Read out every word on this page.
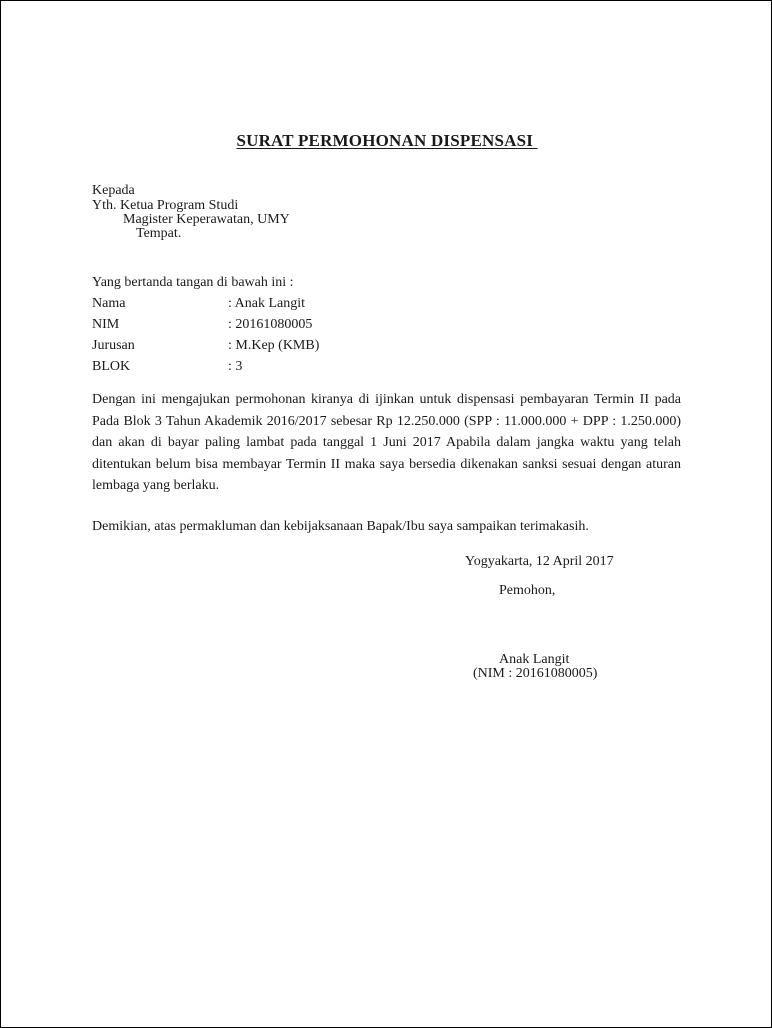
SURAT PERMOHONAN DISPENSASI
Kepada
Yth. Ketua Program Studi
Magister Keperawatan, UMY
Tempat.
Yang bertanda tangan di bawah ini :
Nama	: Anak Langit
NIM	: 20161080005
Jurusan	: M.Kep (KMB)
BLOK	: 3
Dengan ini mengajukan permohonan kiranya di ijinkan untuk dispensasi pembayaran Termin II pada Pada Blok 3 Tahun Akademik 2016/2017 sebesar Rp 12.250.000 (SPP : 11.000.000 + DPP : 1.250.000) dan akan di bayar paling lambat pada tanggal 1 Juni 2017 Apabila dalam jangka waktu yang telah ditentukan belum bisa membayar Termin II maka saya bersedia dikenakan sanksi sesuai dengan aturan lembaga yang berlaku.
Demikian, atas permakluman dan kebijaksanaan Bapak/Ibu saya sampaikan terimakasih.
Yogyakarta, 12 April 2017
Pemohon,
Anak Langit
(NIM : 20161080005)
